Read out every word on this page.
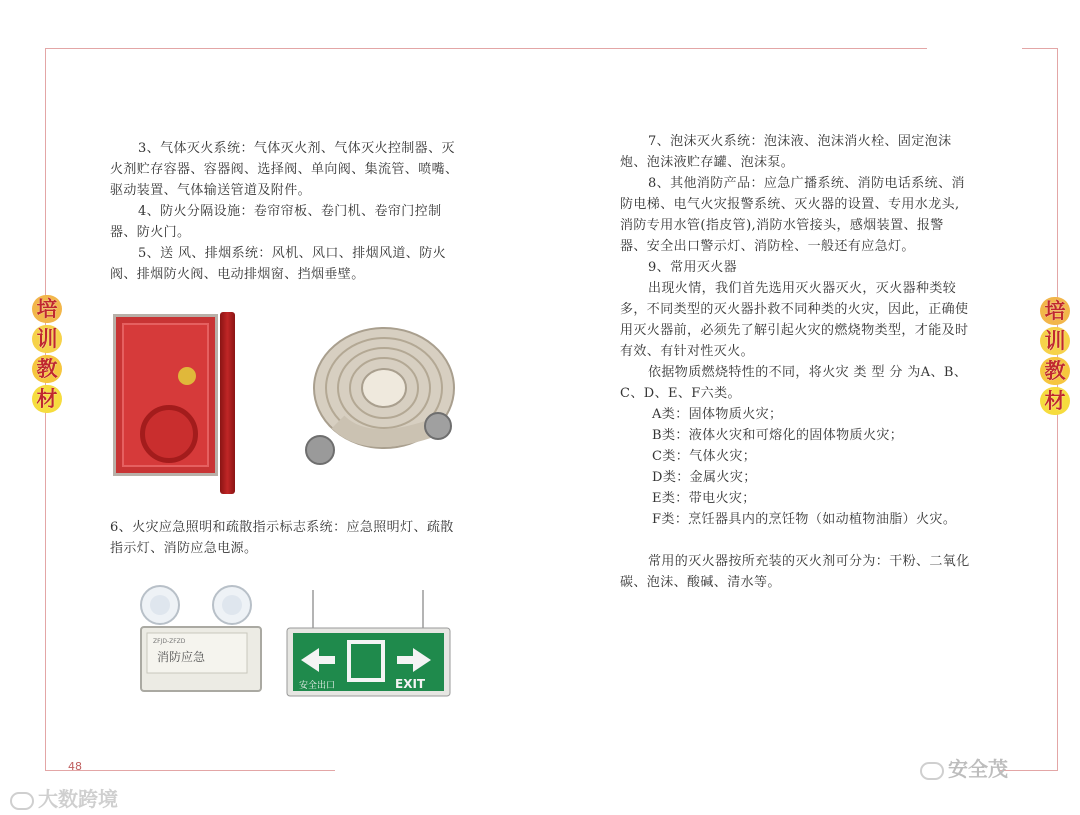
培
训
教
材
培
训
教
材

3、气体灭火系统：气体灭火剂、气体灭火控制器、灭火剂贮存容器、容器阀、选择阀、单向阀、集流管、喷嘴、驱动装置、气体输送管道及附件。

4、防火分隔设施：卷帘帘板、卷门机、卷帘门控制器、防火门。

5、送 风、排烟系统：风机、风口、排烟风道、防火阀、排烟防火阀、电动排烟窗、挡烟垂壁。

6、火灾应急照明和疏散指示标志系统：应急照明灯、疏散指示灯、消防应急电源。

消防应急
ZFJD-ZFZD
EXIT
安全出口

7、泡沫灭火系统：泡沫液、泡沫消火栓、固定泡沫炮、泡沫液贮存罐、泡沫泵。

8、其他消防产品：应急广播系统、消防电话系统、消防电梯、电气火灾报警系统、灭火器的设置、专用水龙头,消防专用水管(指皮管),消防水管接头，感烟装置、报警器、安全出口警示灯、消防栓、一般还有应急灯。

9、常用灭火器

出现火情，我们首先选用灭火器灭火，灭火器种类较多，不同类型的灭火器扑救不同种类的火灾，因此，正确使用灭火器前，必须先了解引起火灾的燃烧物类型，才能及时有效、有针对性灭火。

依据物质燃烧特性的不同，将火灾 类 型 分 为A、B、C、D、E、F六类。

A类：固体物质火灾；

B类：液体火灾和可熔化的固体物质火灾；

C类：气体火灾；

D类：金属火灾；

E类：带电火灾；

F类：烹饪器具内的烹饪物（如动植物油脂）火灾。

常用的灭火器按所充装的灭火剂可分为：干粉、二氧化碳、泡沫、酸碱、清水等。

48
大数跨境
安全茂
